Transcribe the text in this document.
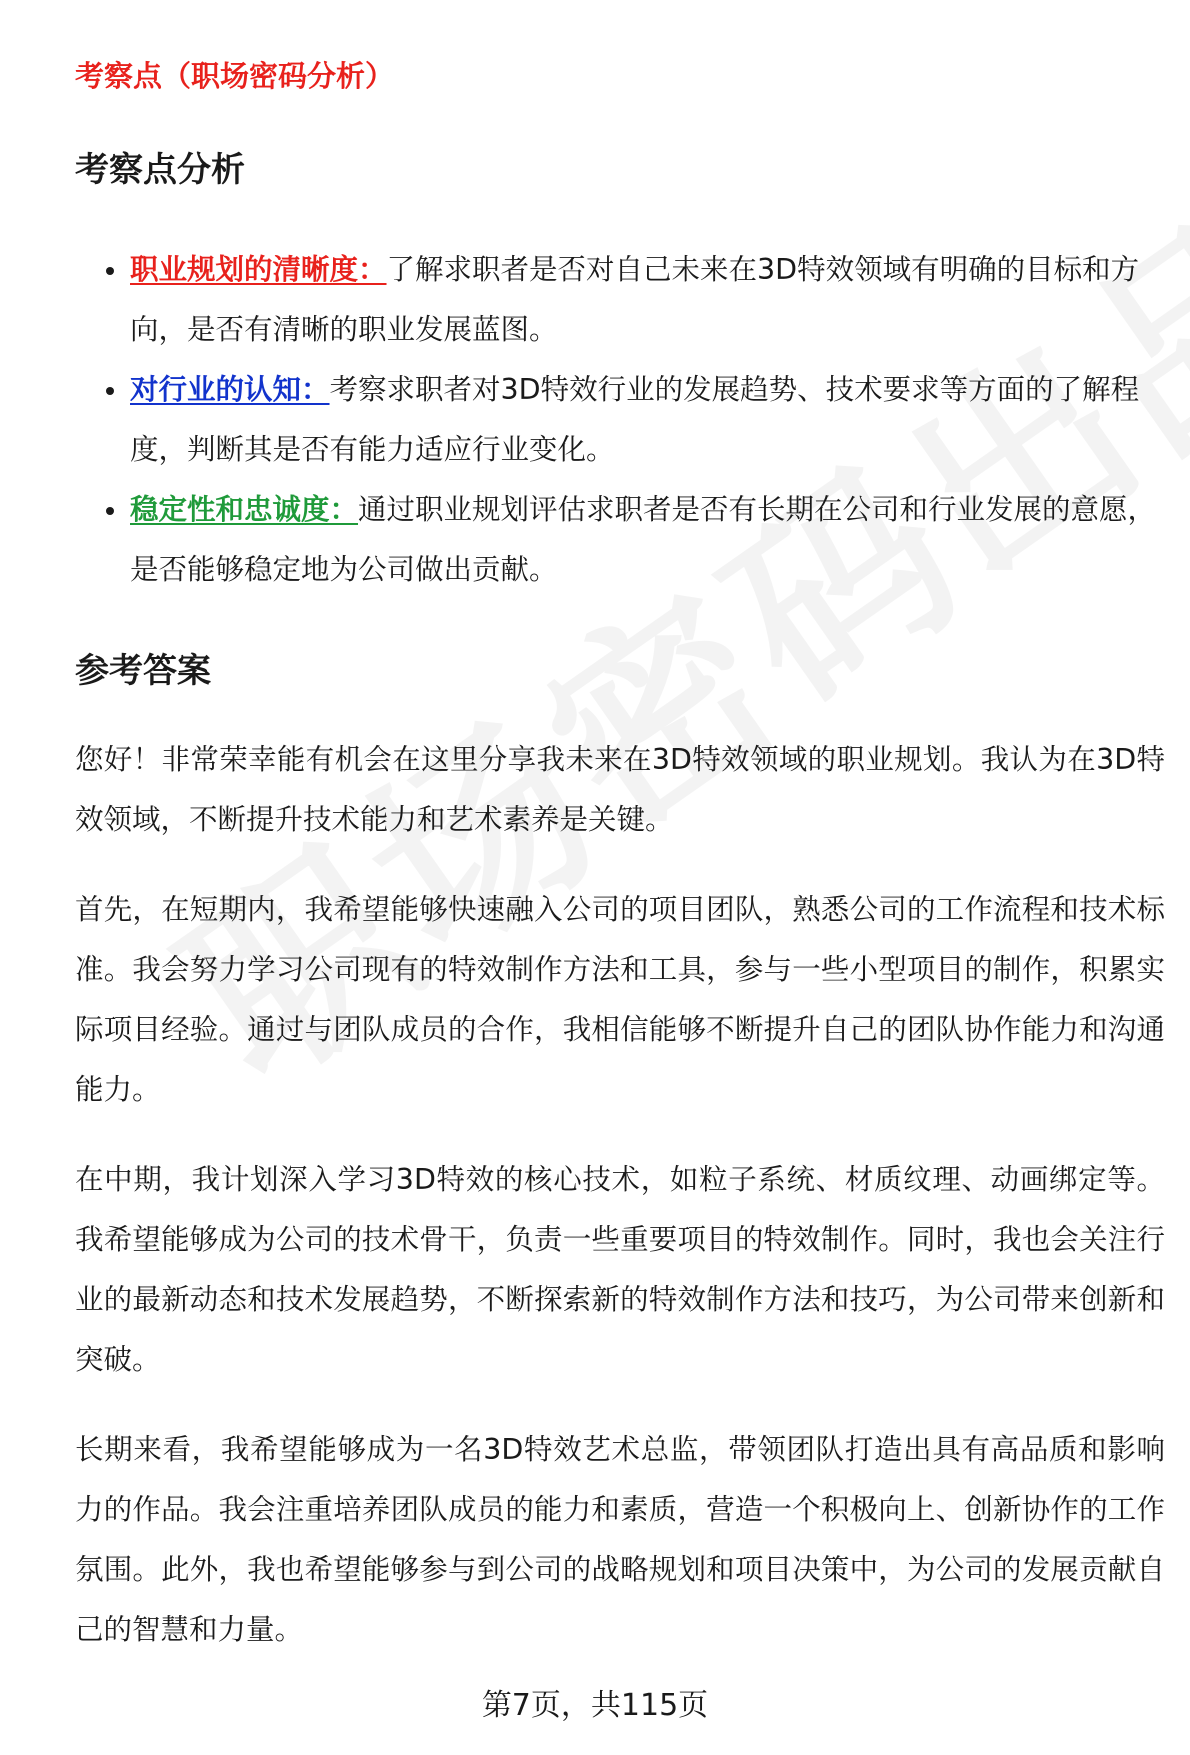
考察点（职场密码分析）
考察点分析
职业规划的清晰度：了解求职者是否对自己未来在3D特效领域有明确的目标和方向，是否有清晰的职业发展蓝图。
对行业的认知：考察求职者对3D特效行业的发展趋势、技术要求等方面的了解程度，判断其是否有能力适应行业变化。
稳定性和忠诚度：通过职业规划评估求职者是否有长期在公司和行业发展的意愿，是否能够稳定地为公司做出贡献。
参考答案

您好！非常荣幸能有机会在这里分享我未来在3D特效领域的职业规划。我认为在3D特效领域，不断提升技术能力和艺术素养是关键。

首先，在短期内，我希望能够快速融入公司的项目团队，熟悉公司的工作流程和技术标准。我会努力学习公司现有的特效制作方法和工具，参与一些小型项目的制作，积累实际项目经验。通过与团队成员的合作，我相信能够不断提升自己的团队协作能力和沟通能力。

在中期，我计划深入学习3D特效的核心技术，如粒子系统、材质纹理、动画绑定等。我希望能够成为公司的技术骨干，负责一些重要项目的特效制作。同时，我也会关注行业的最新动态和技术发展趋势，不断探索新的特效制作方法和技巧，为公司带来创新和突破。

长期来看，我希望能够成为一名3D特效艺术总监，带领团队打造出具有高品质和影响力的作品。我会注重培养团队成员的能力和素质，营造一个积极向上、创新协作的工作氛围。此外，我也希望能够参与到公司的战略规划和项目决策中，为公司的发展贡献自己的智慧和力量。

第7页，共115页
